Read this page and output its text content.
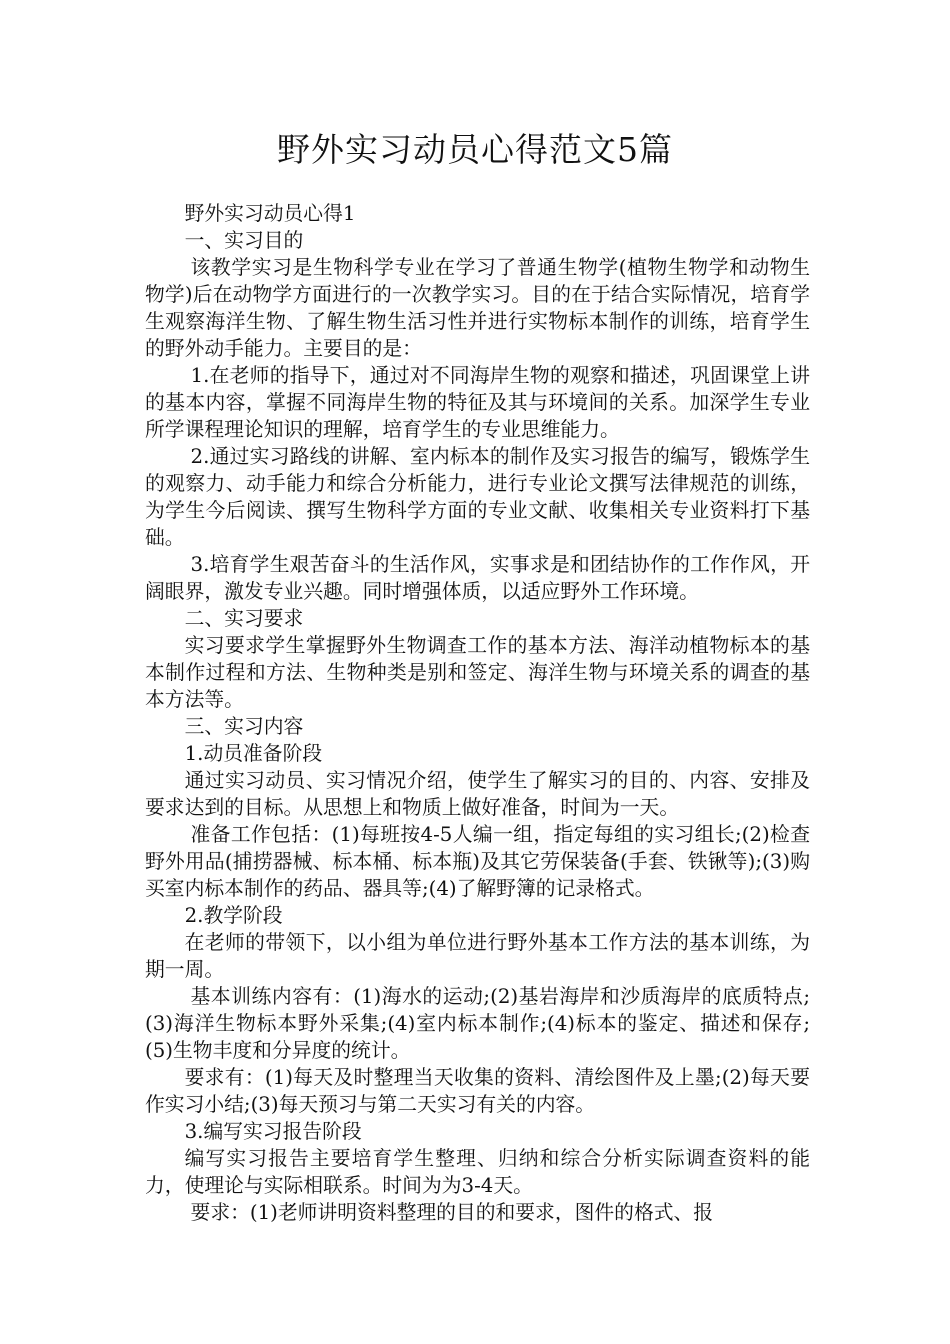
野外实习动员心得范文5篇

野外实习动员心得1

一、实习目的

该教学实习是生物科学专业在学习了普通生物学(植物生物学和动物生物学)后在动物学方面进行的一次教学实习。目的在于结合实际情况，培育学生观察海洋生物、了解生物生活习性并进行实物标本制作的训练，培育学生的野外动手能力。主要目的是：

1.在老师的指导下，通过对不同海岸生物的观察和描述，巩固课堂上讲的基本内容，掌握不同海岸生物的特征及其与环境间的关系。加深学生专业所学课程理论知识的理解，培育学生的专业思维能力。

2.通过实习路线的讲解、室内标本的制作及实习报告的编写，锻炼学生的观察力、动手能力和综合分析能力，进行专业论文撰写法律规范的训练，为学生今后阅读、撰写生物科学方面的专业文献、收集相关专业资料打下基础。

3.培育学生艰苦奋斗的生活作风，实事求是和团结协作的工作作风，开阔眼界，激发专业兴趣。同时增强体质，以适应野外工作环境。

二、实习要求

实习要求学生掌握野外生物调查工作的基本方法、海洋动植物标本的基本制作过程和方法、生物种类是别和签定、海洋生物与环境关系的调查的基本方法等。

三、实习内容

1.动员准备阶段

通过实习动员、实习情况介绍，使学生了解实习的目的、内容、安排及要求达到的目标。从思想上和物质上做好准备，时间为一天。

准备工作包括：(1)每班按4-5人编一组，指定每组的实习组长;(2)检查野外用品(捕捞器械、标本桶、标本瓶)及其它劳保装备(手套、铁锹等);(3)购买室内标本制作的药品、器具等;(4)了解野簿的记录格式。

2.教学阶段

在老师的带领下，以小组为单位进行野外基本工作方法的基本训练，为期一周。

基本训练内容有：(1)海水的运动;(2)基岩海岸和沙质海岸的底质特点;(3)海洋生物标本野外采集;(4)室内标本制作;(4)标本的鉴定、描述和保存;(5)生物丰度和分异度的统计。

要求有：(1)每天及时整理当天收集的资料、清绘图件及上墨;(2)每天要作实习小结;(3)每天预习与第二天实习有关的内容。

3.编写实习报告阶段

编写实习报告主要培育学生整理、归纳和综合分析实际调查资料的能力，使理论与实际相联系。时间为为3-4天。

要求：(1)老师讲明资料整理的目的和要求，图件的格式、报
